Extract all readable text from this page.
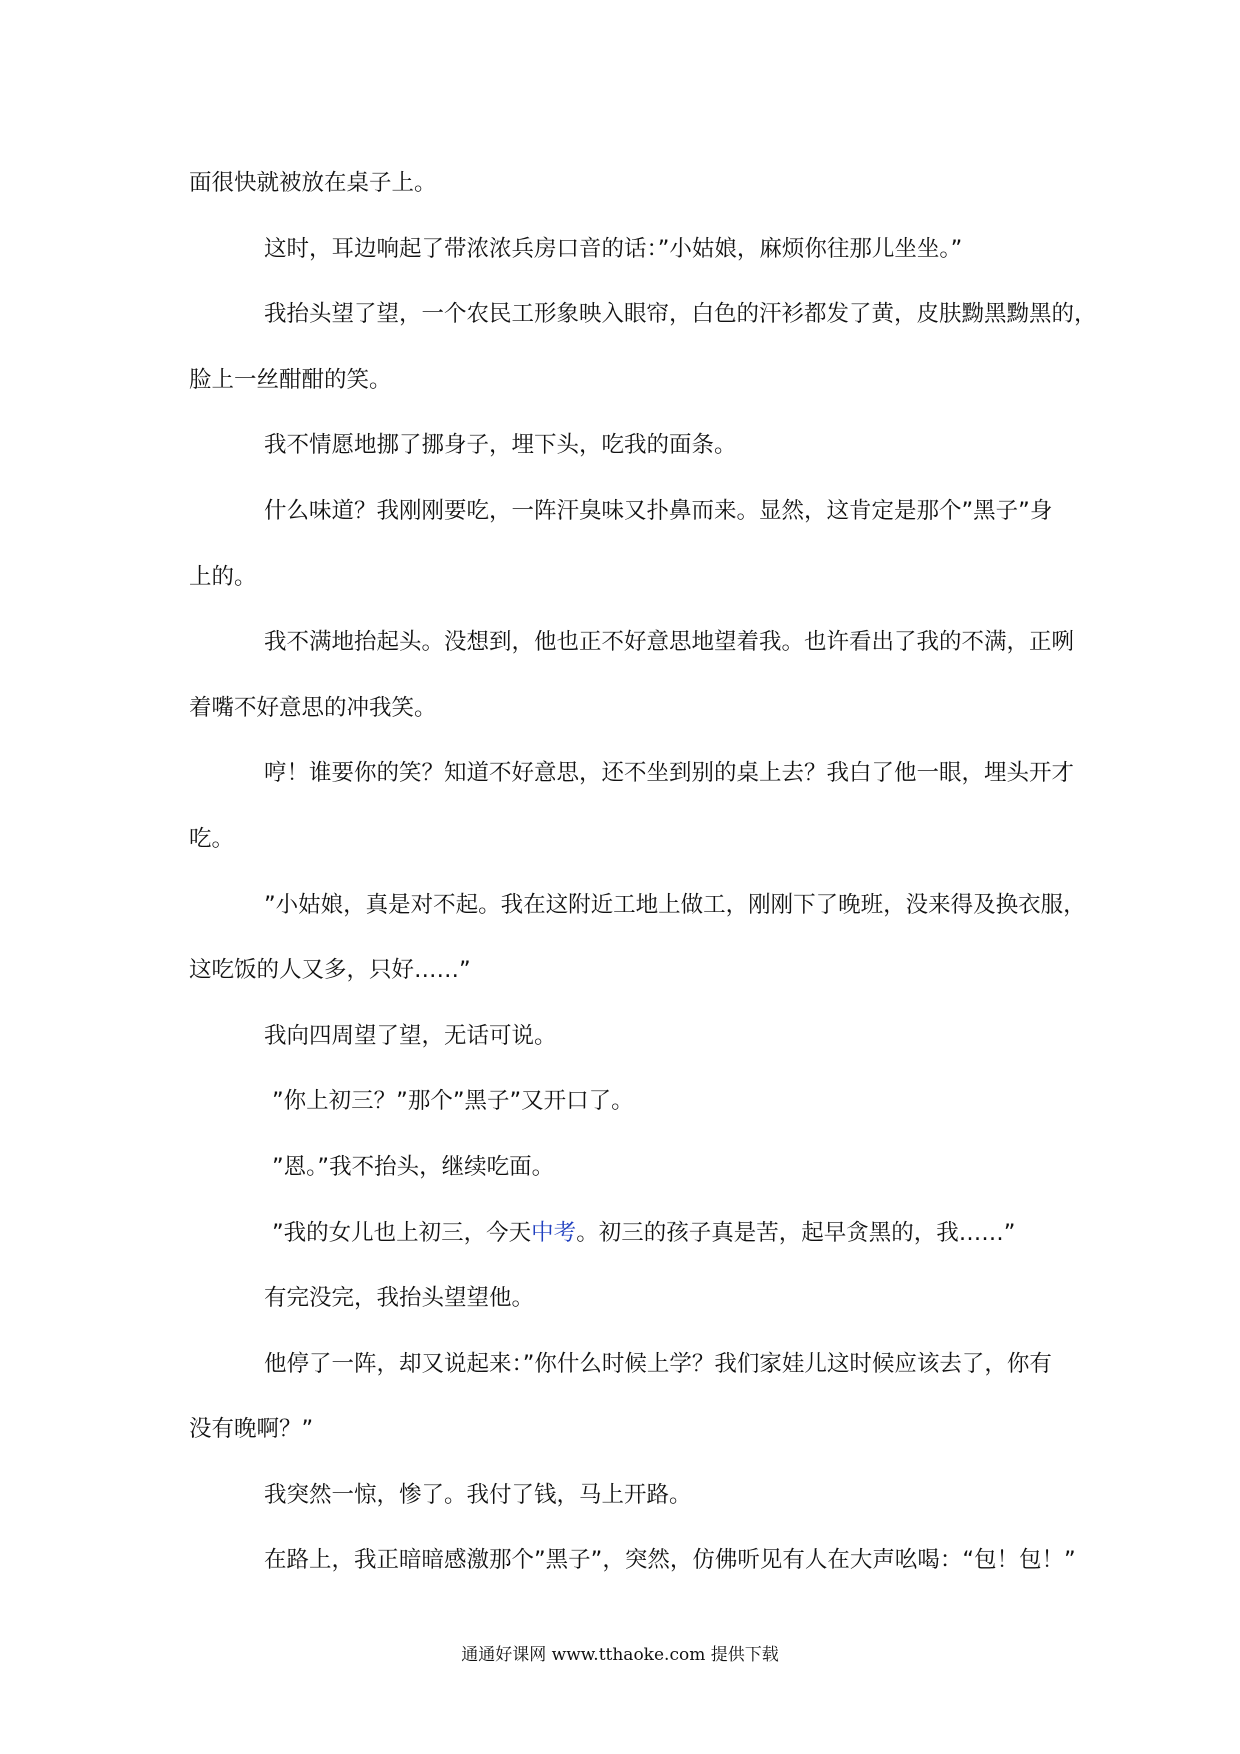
面很快就被放在桌子上。
这时，耳边响起了带浓浓兵房口音的话：”小姑娘，麻烦你往那儿坐坐。”
我抬头望了望，一个农民工形象映入眼帘，白色的汗衫都发了黄，皮肤黝黑黝黑的，
脸上一丝酣酣的笑。
我不情愿地挪了挪身子，埋下头，吃我的面条。
什么味道？我刚刚要吃，一阵汗臭味又扑鼻而来。显然，这肯定是那个”黑子”身
上的。
我不满地抬起头。没想到，他也正不好意思地望着我。也许看出了我的不满，正咧
着嘴不好意思的冲我笑。
哼！谁要你的笑？知道不好意思，还不坐到别的桌上去？我白了他一眼，埋头开才
吃。
”小姑娘，真是对不起。我在这附近工地上做工，刚刚下了晚班，没来得及换衣服，
这吃饭的人又多，只好……”
我向四周望了望，无话可说。
”你上初三？”那个”黑子”又开口了。
”恩。”我不抬头，继续吃面。
”我的女儿也上初三，今天中考。初三的孩子真是苦，起早贪黑的，我……”
有完没完，我抬头望望他。
他停了一阵，却又说起来：”你什么时候上学？我们家娃儿这时候应该去了，你有
没有晚啊？”
我突然一惊，惨了。我付了钱，马上开路。
在路上，我正暗暗感激那个”黑子”，突然，仿佛听见有人在大声吆喝：“包！包！”
通通好课网 www.tthaoke.com 提供下载
